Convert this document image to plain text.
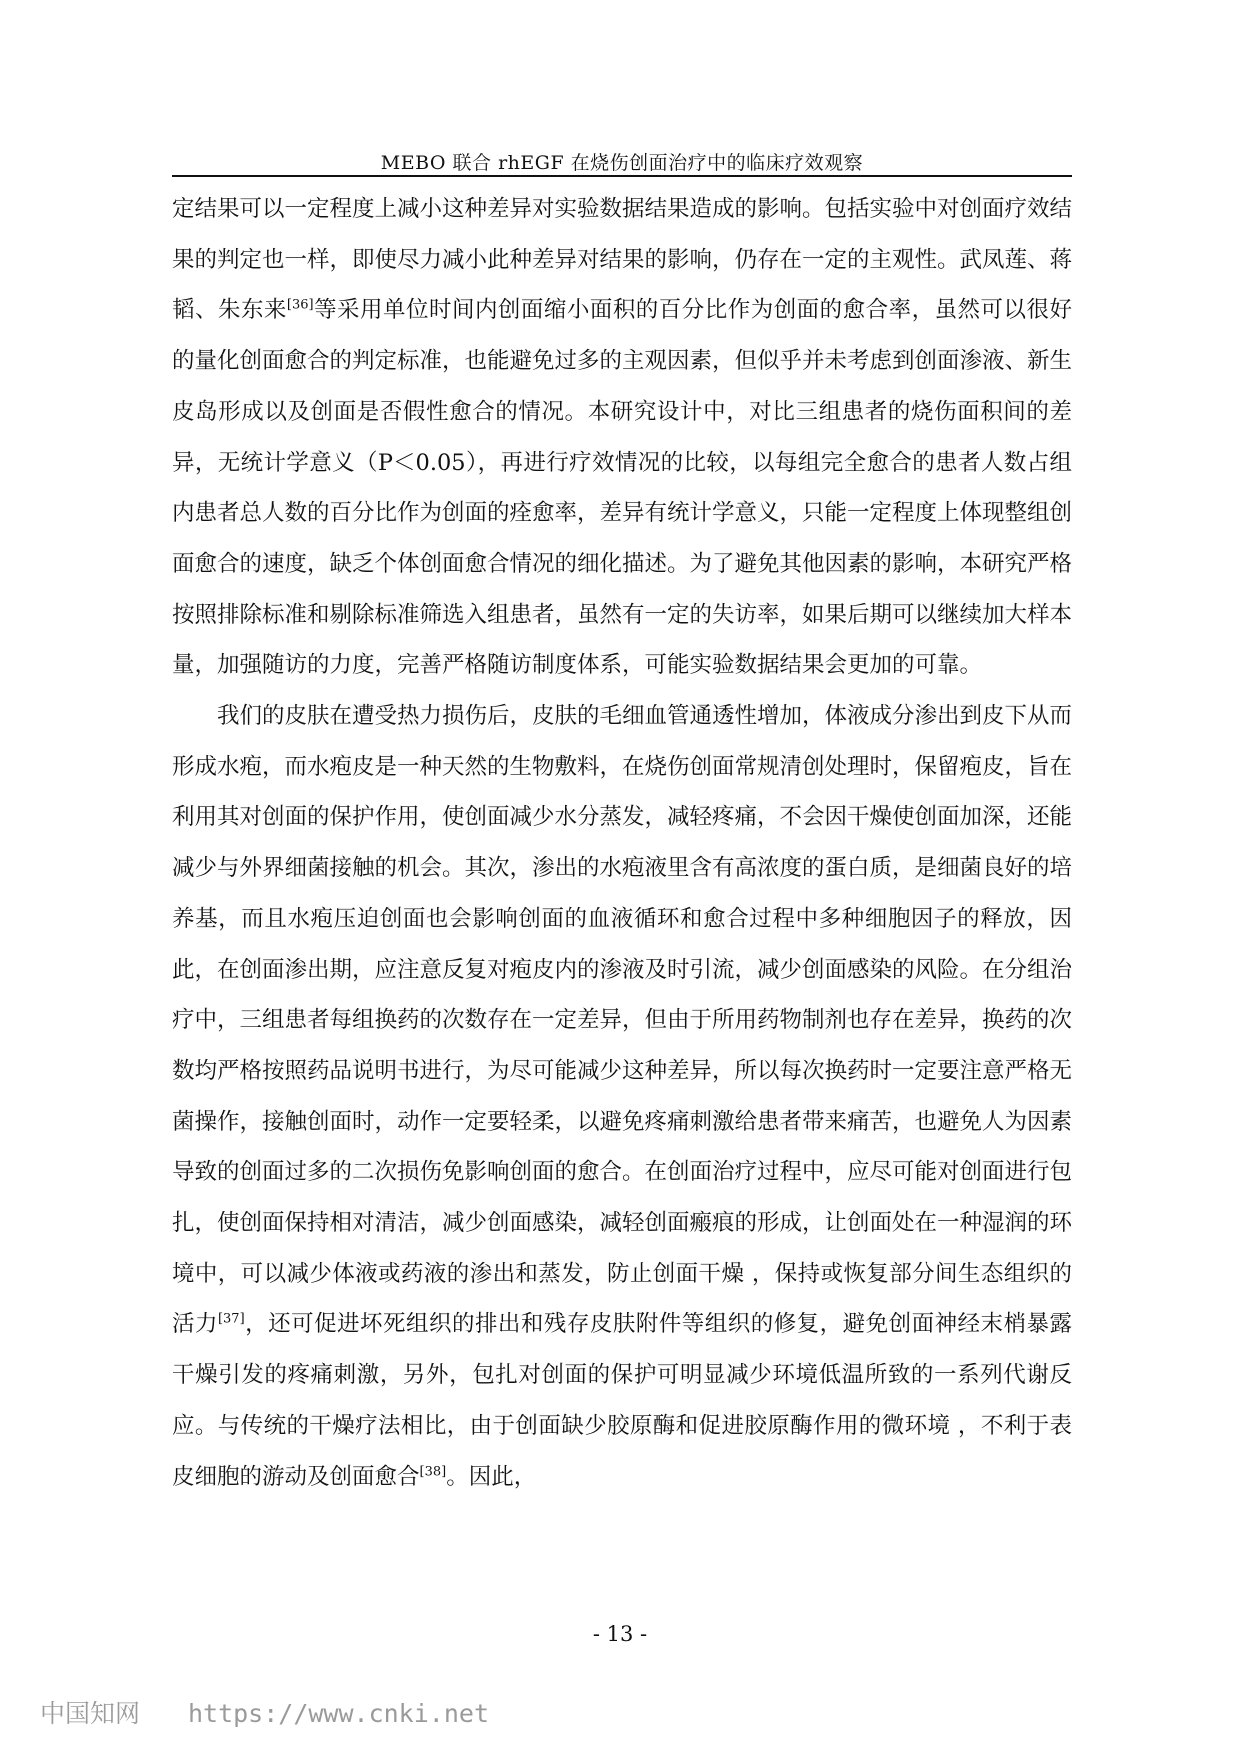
MEBO 联合 rhEGF 在烧伤创面治疗中的临床疗效观察

定结果可以一定程度上减小这种差异对实验数据结果造成的影响。包括实验中对创面疗效结果的判定也一样，即使尽力减小此种差异对结果的影响，仍存在一定的主观性。武凤莲、蒋韬、朱东来[36]等采用单位时间内创面缩小面积的百分比作为创面的愈合率，虽然可以很好的量化创面愈合的判定标准，也能避免过多的主观因素，但似乎并未考虑到创面渗液、新生皮岛形成以及创面是否假性愈合的情况。本研究设计中，对比三组患者的烧伤面积间的差异，无统计学意义（P＜0.05），再进行疗效情况的比较，以每组完全愈合的患者人数占组内患者总人数的百分比作为创面的痊愈率，差异有统计学意义，只能一定程度上体现整组创面愈合的速度，缺乏个体创面愈合情况的细化描述。为了避免其他因素的影响，本研究严格按照排除标准和剔除标准筛选入组患者，虽然有一定的失访率，如果后期可以继续加大样本量，加强随访的力度，完善严格随访制度体系，可能实验数据结果会更加的可靠。

我们的皮肤在遭受热力损伤后，皮肤的毛细血管通透性增加，体液成分渗出到皮下从而形成水疱，而水疱皮是一种天然的生物敷料，在烧伤创面常规清创处理时，保留疱皮，旨在利用其对创面的保护作用，使创面减少水分蒸发，减轻疼痛，不会因干燥使创面加深，还能减少与外界细菌接触的机会。其次，渗出的水疱液里含有高浓度的蛋白质，是细菌良好的培养基，而且水疱压迫创面也会影响创面的血液循环和愈合过程中多种细胞因子的释放，因此，在创面渗出期，应注意反复对疱皮内的渗液及时引流，减少创面感染的风险。在分组治疗中，三组患者每组换药的次数存在一定差异，但由于所用药物制剂也存在差异，换药的次数均严格按照药品说明书进行，为尽可能减少这种差异，所以每次换药时一定要注意严格无菌操作，接触创面时，动作一定要轻柔，以避免疼痛刺激给患者带来痛苦，也避免人为因素导致的创面过多的二次损伤免影响创面的愈合。在创面治疗过程中，应尽可能对创面进行包扎，使创面保持相对清洁，减少创面感染，减轻创面瘢痕的形成，让创面处在一种湿润的环境中，可以减少体液或药液的渗出和蒸发，防止创面干燥 ，保持或恢复部分间生态组织的活力[37]，还可促进坏死组织的排出和残存皮肤附件等组织的修复，避免创面神经末梢暴露干燥引发的疼痛刺激，另外，包扎对创面的保护可明显减少环境低温所致的一系列代谢反应。与传统的干燥疗法相比，由于创面缺少胶原酶和促进胶原酶作用的微环境 ，不利于表皮细胞的游动及创面愈合[38]。因此，

- 13 -
中国知网 https://www.cnki.net
